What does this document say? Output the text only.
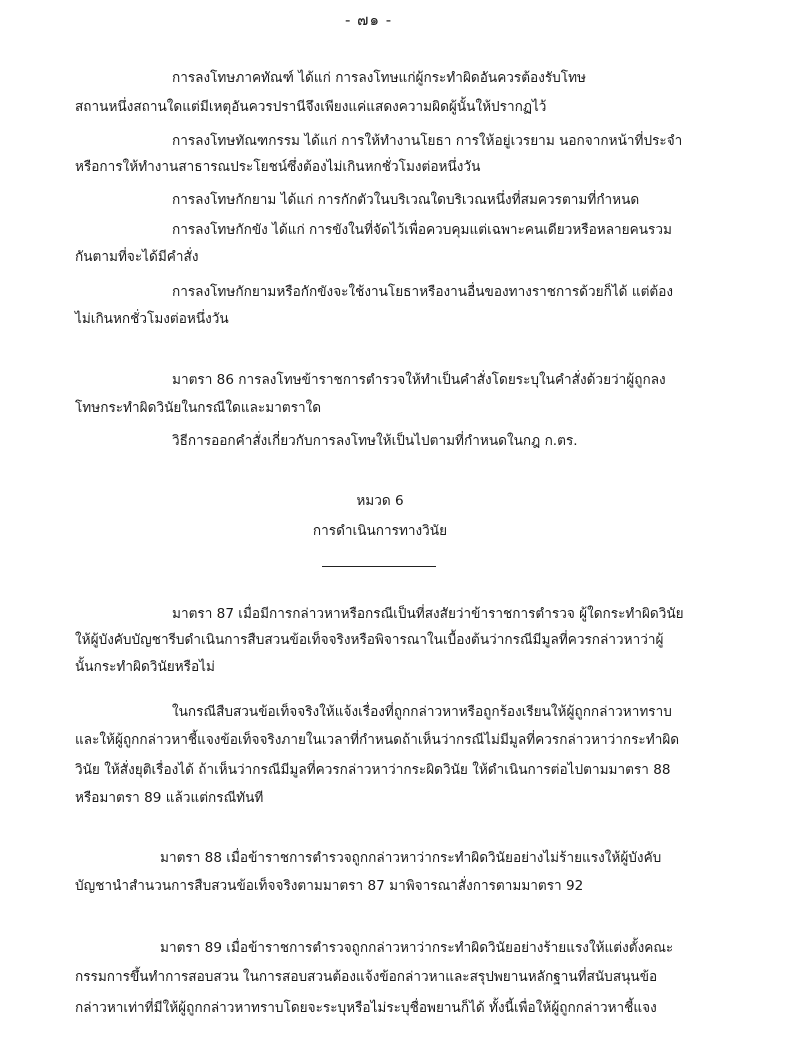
- ๗๑ -
การลงโทษภาคทัณฑ์ ได้แก่ การลงโทษแก่ผู้กระทำผิดอันควรต้องรับโทษ
สถานหนึ่งสถานใดแต่มีเหตุอันควรปรานีจึงเพียงแค่แสดงความผิดผู้นั้นให้ปรากฏไว้
การลงโทษทัณฑกรรม ได้แก่ การให้ทำงานโยธา การให้อยู่เวรยาม นอกจากหน้าที่ประจำ
หรือการให้ทำงานสาธารณประโยชน์ซึ่งต้องไม่เกินหกชั่วโมงต่อหนึ่งวัน
การลงโทษกักยาม ได้แก่ การกักตัวในบริเวณใดบริเวณหนึ่งที่สมควรตามที่กำหนด
การลงโทษกักขัง ได้แก่ การขังในที่จัดไว้เพื่อควบคุมแต่เฉพาะคนเดียวหรือหลายคนรวม
กันตามที่จะได้มีคำสั่ง
การลงโทษกักยามหรือกักขังจะใช้งานโยธาหรืองานอื่นของทางราชการด้วยก็ได้ แต่ต้อง
ไม่เกินหกชั่วโมงต่อหนึ่งวัน
มาตรา 86 การลงโทษข้าราชการตำรวจให้ทำเป็นคำสั่งโดยระบุในคำสั่งด้วยว่าผู้ถูกลง
โทษกระทำผิดวินัยในกรณีใดและมาตราใด
วิธีการออกคำสั่งเกี่ยวกับการลงโทษให้เป็นไปตามที่กำหนดในกฎ ก.ตร.
หมวด 6
การดำเนินการทางวินัย
มาตรา 87 เมื่อมีการกล่าวหาหรือกรณีเป็นที่สงสัยว่าข้าราชการตำรวจ ผู้ใดกระทำผิดวินัย
ให้ผู้บังคับบัญชารีบดำเนินการสืบสวนข้อเท็จจริงหรือพิจารณาในเบื้องต้นว่ากรณีมีมูลที่ควรกล่าวหาว่าผู้
นั้นกระทำผิดวินัยหรือไม่
ในกรณีสืบสวนข้อเท็จจริงให้แจ้งเรื่องที่ถูกกล่าวหาหรือถูกร้องเรียนให้ผู้ถูกกล่าวหาทราบ
และให้ผู้ถูกกล่าวหาชี้แจงข้อเท็จจริงภายในเวลาที่กำหนดถ้าเห็นว่ากรณีไม่มีมูลที่ควรกล่าวหาว่ากระทำผิด
วินัย ให้สั่งยุติเรื่องได้ ถ้าเห็นว่ากรณีมีมูลที่ควรกล่าวหาว่ากระผิดวินัย ให้ดำเนินการต่อไปตามมาตรา 88
หรือมาตรา 89 แล้วแต่กรณีทันที
มาตรา 88 เมื่อข้าราชการตำรวจถูกกล่าวหาว่ากระทำผิดวินัยอย่างไม่ร้ายแรงให้ผู้บังคับ
บัญชานำสำนวนการสืบสวนข้อเท็จจริงตามมาตรา 87 มาพิจารณาสั่งการตามมาตรา 92
มาตรา 89 เมื่อข้าราชการตำรวจถูกกล่าวหาว่ากระทำผิดวินัยอย่างร้ายแรงให้แต่งตั้งคณะ
กรรมการขึ้นทำการสอบสวน ในการสอบสวนต้องแจ้งข้อกล่าวหาและสรุปพยานหลักฐานที่สนับสนุนข้อ
กล่าวหาเท่าที่มีให้ผู้ถูกกล่าวหาทราบโดยจะระบุหรือไม่ระบุชื่อพยานก็ได้ ทั้งนี้เพื่อให้ผู้ถูกกล่าวหาชี้แจง
